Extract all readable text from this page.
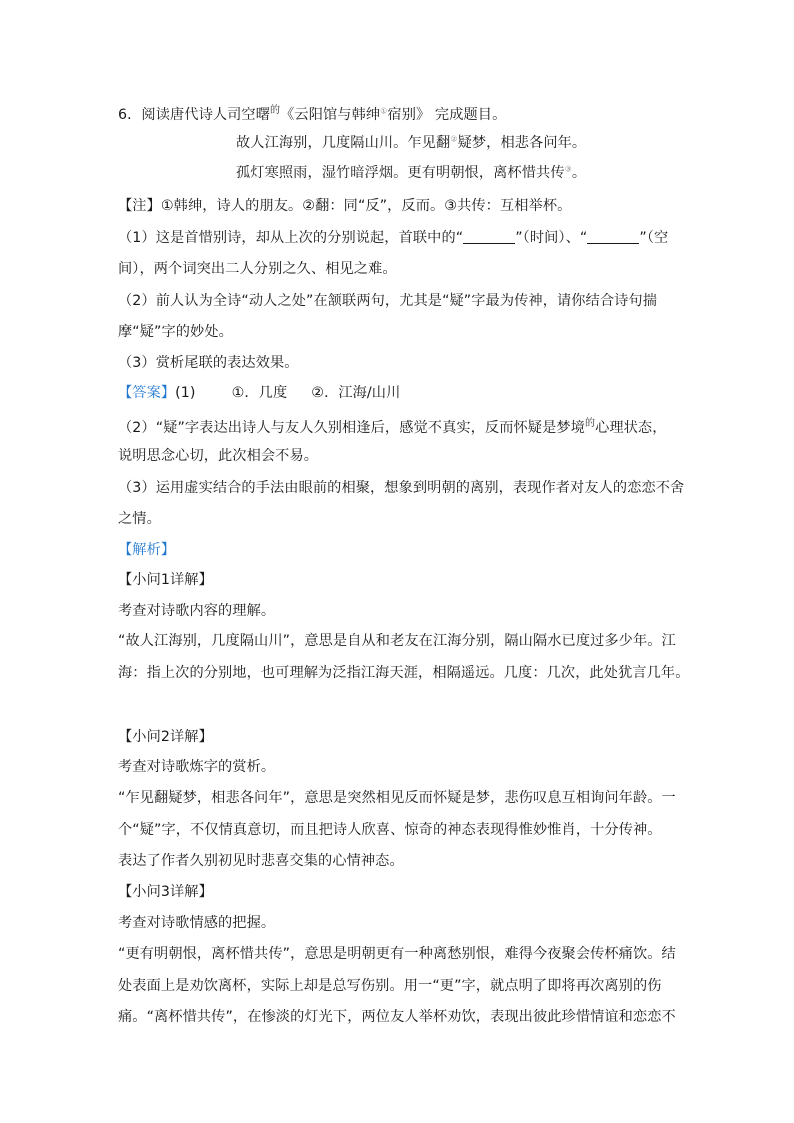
6．阅读唐代诗人司空曙$^的$《云阳馆与韩绅①宿别》 完成题目。
故人江海别，几度隔山川。乍见翻②疑梦，相悲各问年。
孤灯寒照雨，湿竹暗浮烟。更有明朝恨，离杯惜共传③。
【注】①韩绅，诗人的朋友。②翻：同“反”，反而。③共传：互相举杯。
（1）这是首惜别诗，却从上次的分别说起，首联中的“	”（时间）、“	”（空
间），两个词突出二人分别之久、相见之难。
（2）前人认为全诗“动人之处”在颔联两句，尤其是“疑”字最为传神，请你结合诗句揣
摩“疑”字的妙处。
（3）赏析尾联的表达效果。
【答案】(1)	①．几度 ②．江海/山川
（2）“疑”字表达出诗人与友人久别相逢后，感觉不真实，反而怀疑是梦境$^的$心理状态，
说明思念心切，此次相会不易。
（3）运用虚实结合的手法由眼前的相聚，想象到明朝的离别，表现作者对友人的恋恋不舍
之情。
【解析】
【小问1详解】
考查对诗歌内容的理解。
“故人江海别，几度隔山川”，意思是自从和老友在江海分别，隔山隔水已度过多少年。江
海：指上次的分别地，也可理解为泛指江海天涯，相隔遥远。几度：几次，此处犹言几年。
【小问2详解】
考查对诗歌炼字的赏析。
“乍见翻疑梦，相悲各问年”，意思是突然相见反而怀疑是梦，悲伤叹息互相询问年龄。一
个“疑”字，不仅情真意切，而且把诗人欣喜、惊奇的神态表现得惟妙惟肖，十分传神。
表达了作者久别初见时悲喜交集的心情神态。
【小问3详解】
考查对诗歌情感的把握。
“更有明朝恨，离杯惜共传”，意思是明朝更有一种离愁别恨，难得今夜聚会传杯痛饮。结
处表面上是劝饮离杯，实际上却是总写伤别。用一“更”字，就点明了即将再次离别的伤
痛。“离杯惜共传”，在惨淡的灯光下，两位友人举杯劝饮，表现出彼此珍惜情谊和恋恋不
